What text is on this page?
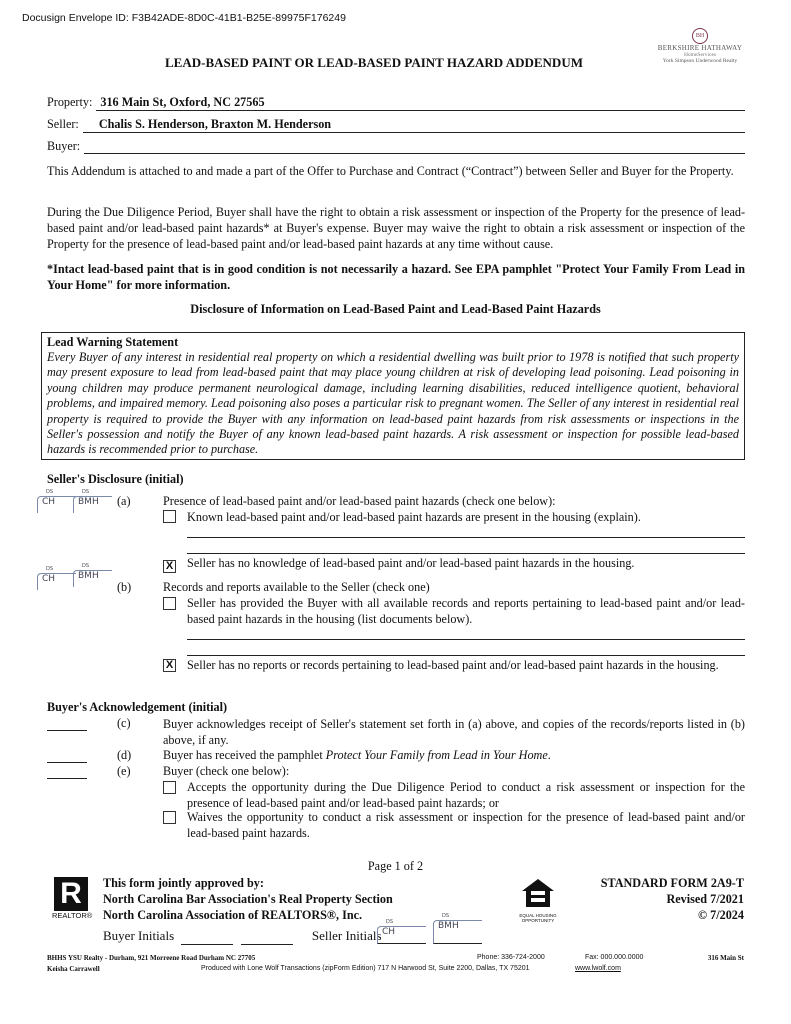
Docusign Envelope ID: F3B42ADE-8D0C-41B1-B25E-89975F176249
BH
BERKSHIRE HATHAWAY
HomeServices
York Simpson Underwood Realty
LEAD-BASED PAINT OR LEAD-BASED PAINT HAZARD ADDENDUM
Property: 316 Main St, Oxford, NC 27565
Seller:	Chalis S. Henderson, Braxton M. Henderson
Buyer:
This Addendum is attached to and made a part of the Offer to Purchase and Contract (“Contract”) between Seller and Buyer for the Property.
During the Due Diligence Period, Buyer shall have the right to obtain a risk assessment or inspection of the Property for the presence of lead-based paint and/or lead-based paint hazards* at Buyer's expense. Buyer may waive the right to obtain a risk assessment or inspection of the Property for the presence of lead-based paint and/or lead-based paint hazards at any time without cause.
*Intact lead-based paint that is in good condition is not necessarily a hazard. See EPA pamphlet "Protect Your Family From Lead in Your Home" for more information.
Disclosure of Information on Lead-Based Paint and Lead-Based Paint Hazards
Lead Warning Statement
Every Buyer of any interest in residential real property on which a residential dwelling was built prior to 1978 is notified that such property may present exposure to lead from lead-based paint that may place young children at risk of developing lead poisoning. Lead poisoning in young children may produce permanent neurological damage, including learning disabilities, reduced intelligence quotient, behavioral problems, and impaired memory. Lead poisoning also poses a particular risk to pregnant women. The Seller of any interest in residential real property is required to provide the Buyer with any information on lead-based paint hazards from risk assessments or inspections in the Seller's possession and notify the Buyer of any known lead-based paint hazards. A risk assessment or inspection for possible lead-based hazards is recommended prior to purchase.
Seller's Disclosure (initial)
DS CH	DS BMH	(a)	Presence of lead-based paint and/or lead-based paint hazards (check one below):
Known lead-based paint and/or lead-based paint hazards are present in the housing (explain).
X Seller has no knowledge of lead-based paint and/or lead-based paint hazards in the housing.
DS CH	DS BMH
(b)	Records and reports available to the Seller (check one)
Seller has provided the Buyer with all available records and reports pertaining to lead-based paint and/or lead-based paint hazards in the housing (list documents below).
X Seller has no reports or records pertaining to lead-based paint and/or lead-based paint hazards in the housing.
Buyer's Acknowledgement (initial)
(c)	Buyer acknowledges receipt of Seller's statement set forth in (a) above, and copies of the records/reports listed in (b) above, if any.
(d)	Buyer has received the pamphlet Protect Your Family from Lead in Your Home.
(e)	Buyer (check one below):
Accepts the opportunity during the Due Diligence Period to conduct a risk assessment or inspection for the presence of lead-based paint and/or lead-based paint hazards; or
Waives the opportunity to conduct a risk assessment or inspection for the presence of lead-based paint and/or lead-based paint hazards.
Page 1 of 2
R
REALTOR®
This form jointly approved by:
North Carolina Bar Association's Real Property Section
North Carolina Association of REALTORS®, Inc.	EQUAL HOUSING OPPORTUNITY
STANDARD FORM 2A9-T
Revised 7/2021
© 7/2024
Buyer Initials	Seller Initials DS CH
DS BMH
BHHS YSU Realty - Durham, 921 Morreene Road Durham NC 27705
Keisha Carrawell
Phone: 336-724-2000	Fax: 000.000.0000	316 Main St
Produced with Lone Wolf Transactions (zipForm Edition) 717 N Harwood St, Suite 2200, Dallas, TX 75201	www.lwolf.com
